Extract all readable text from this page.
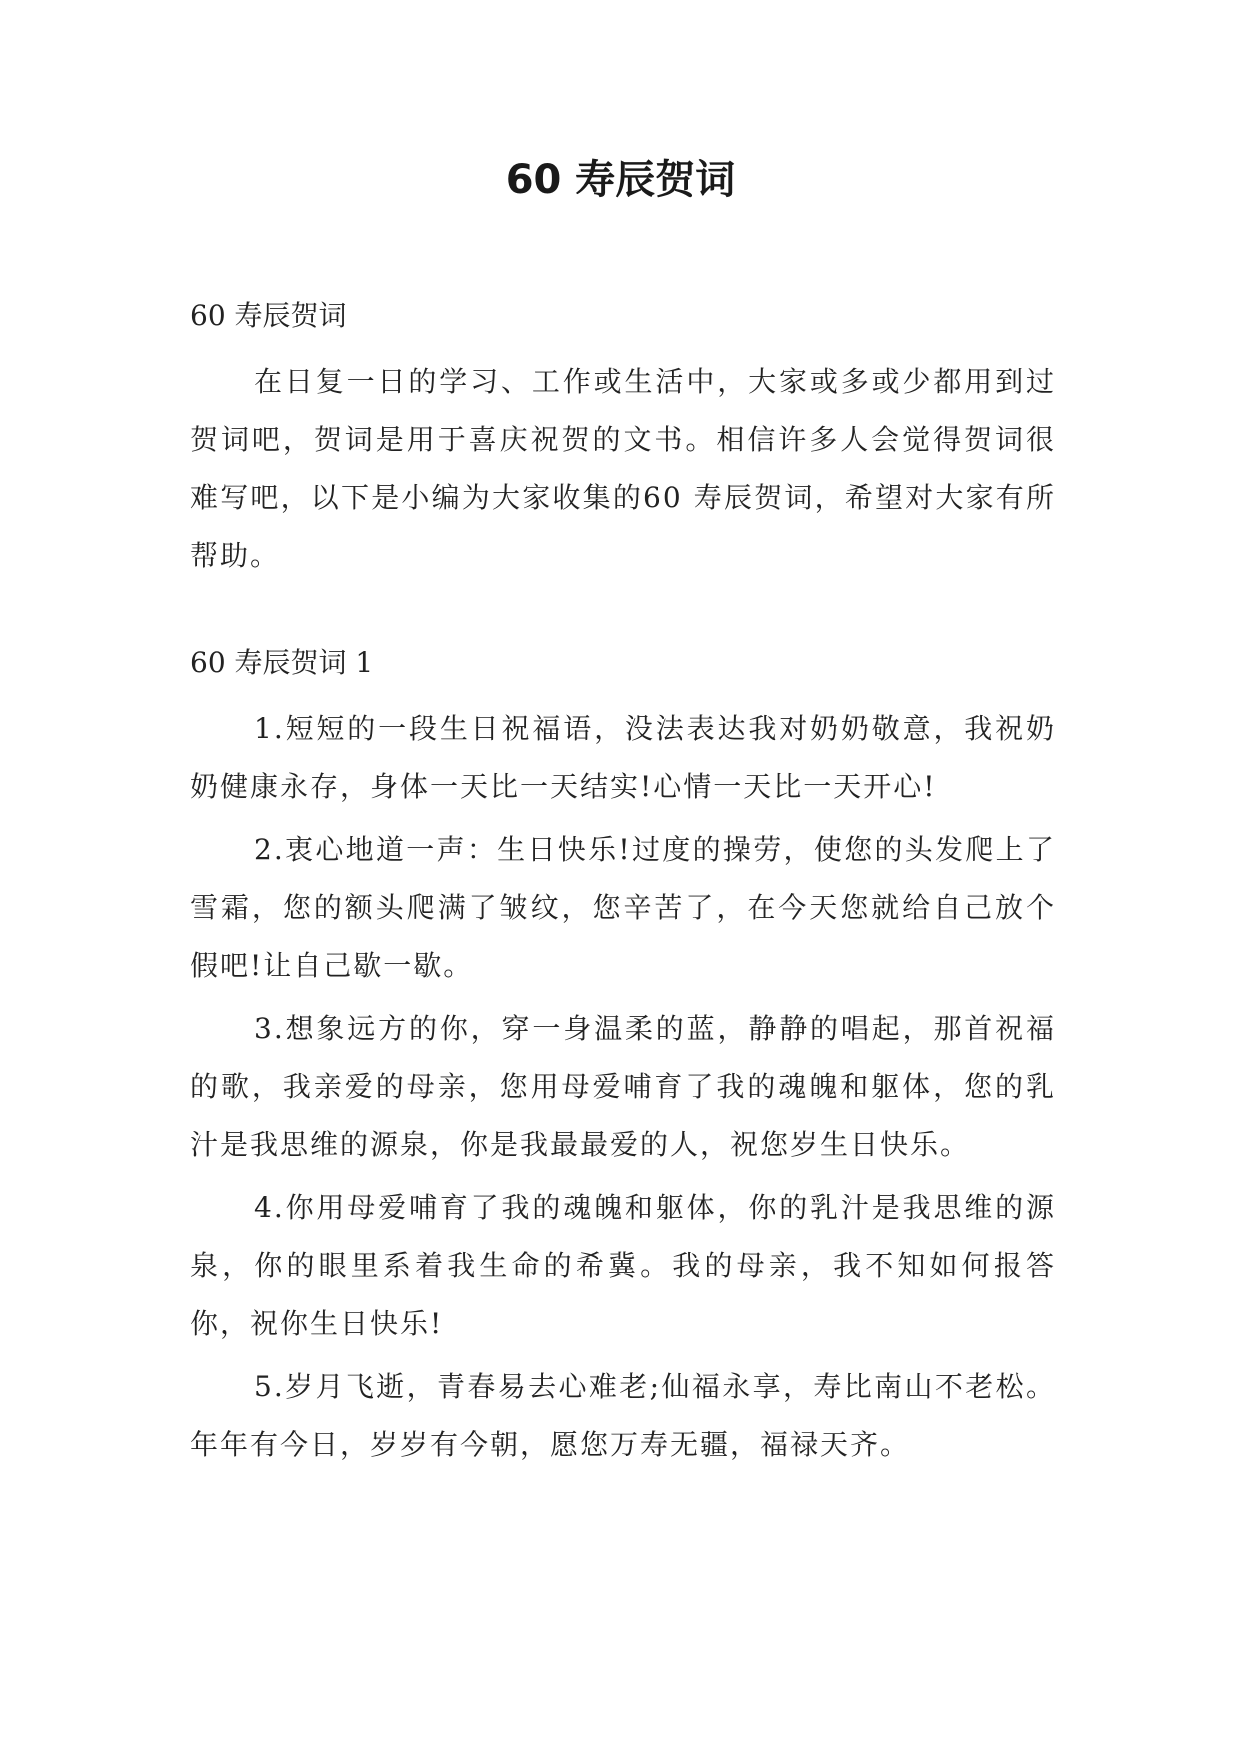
60 寿辰贺词

60 寿辰贺词

在日复一日的学习、工作或生活中，大家或多或少都用到过贺词吧，贺词是用于喜庆祝贺的文书。相信许多人会觉得贺词很难写吧，以下是小编为大家收集的60 寿辰贺词，希望对大家有所帮助。

60 寿辰贺词 1

1.短短的一段生日祝福语，没法表达我对奶奶敬意，我祝奶奶健康永存，身体一天比一天结实!心情一天比一天开心!

2.衷心地道一声：生日快乐!过度的操劳，使您的头发爬上了雪霜，您的额头爬满了皱纹，您辛苦了，在今天您就给自己放个假吧!让自己歇一歇。

3.想象远方的你，穿一身温柔的蓝，静静的唱起，那首祝福的歌，我亲爱的母亲，您用母爱哺育了我的魂魄和躯体，您的乳汁是我思维的源泉，你是我最最爱的人，祝您岁生日快乐。

4.你用母爱哺育了我的魂魄和躯体，你的乳汁是我思维的源泉，你的眼里系着我生命的希冀。我的母亲，我不知如何报答你，祝你生日快乐!

5.岁月飞逝，青春易去心难老;仙福永享，寿比南山不老松。年年有今日，岁岁有今朝，愿您万寿无疆，福禄天齐。
